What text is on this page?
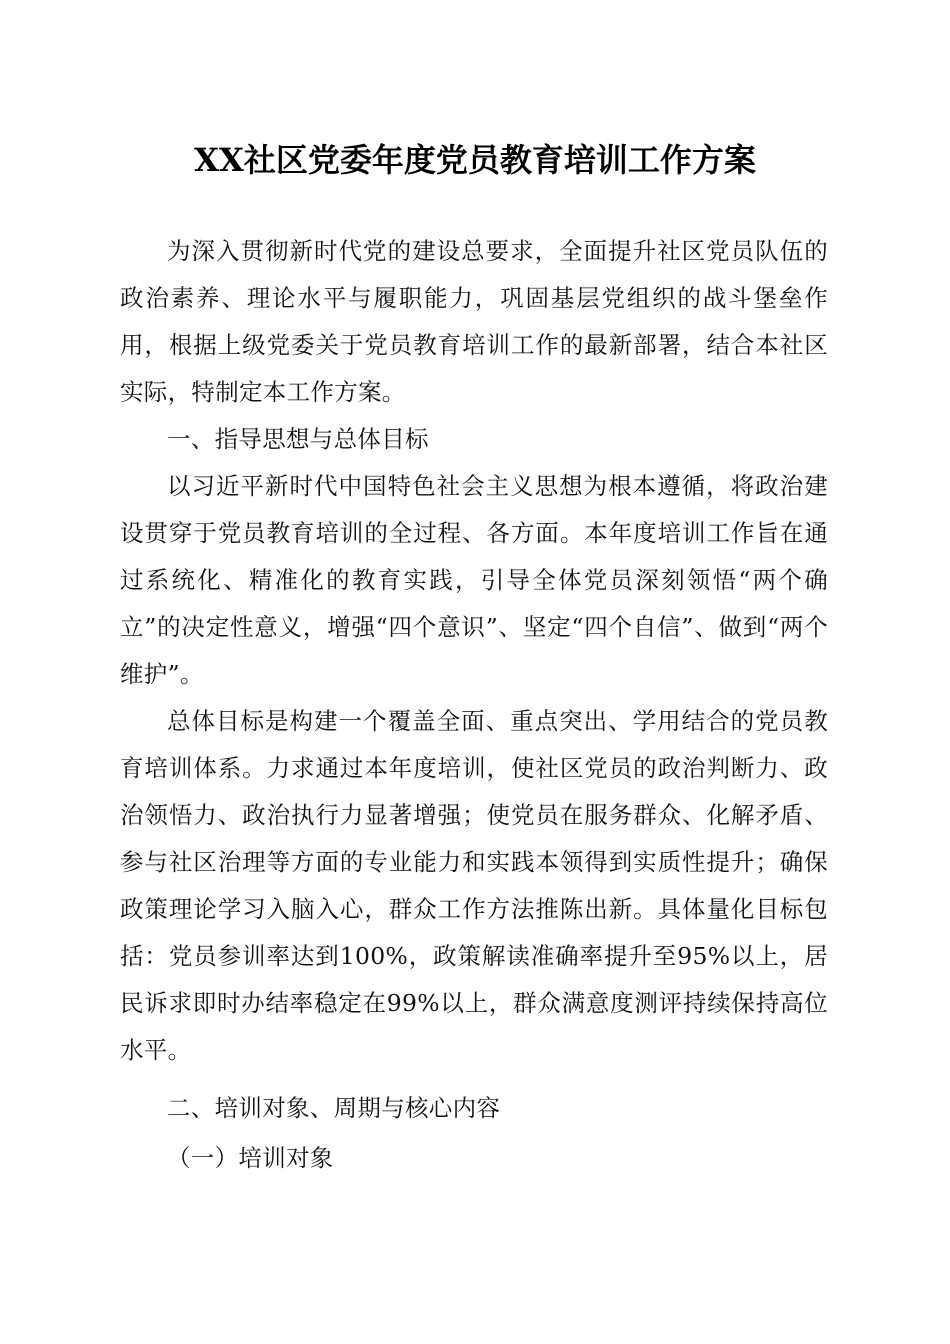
XX社区党委年度党员教育培训工作方案

为深入贯彻新时代党的建设总要求，全面提升社区党员队伍的政治素养、理论水平与履职能力，巩固基层党组织的战斗堡垒作用，根据上级党委关于党员教育培训工作的最新部署，结合本社区实际，特制定本工作方案。

一、指导思想与总体目标

以习近平新时代中国特色社会主义思想为根本遵循，将政治建设贯穿于党员教育培训的全过程、各方面。本年度培训工作旨在通过系统化、精准化的教育实践，引导全体党员深刻领悟“两个确立”的决定性意义，增强“四个意识”、坚定“四个自信”、做到“两个维护”。

总体目标是构建一个覆盖全面、重点突出、学用结合的党员教育培训体系。力求通过本年度培训，使社区党员的政治判断力、政治领悟力、政治执行力显著增强；使党员在服务群众、化解矛盾、参与社区治理等方面的专业能力和实践本领得到实质性提升；确保政策理论学习入脑入心，群众工作方法推陈出新。具体量化目标包括：党员参训率达到100%，政策解读准确率提升至95%以上，居民诉求即时办结率稳定在99%以上，群众满意度测评持续保持高位水平。

二、培训对象、周期与核心内容

（一）培训对象
